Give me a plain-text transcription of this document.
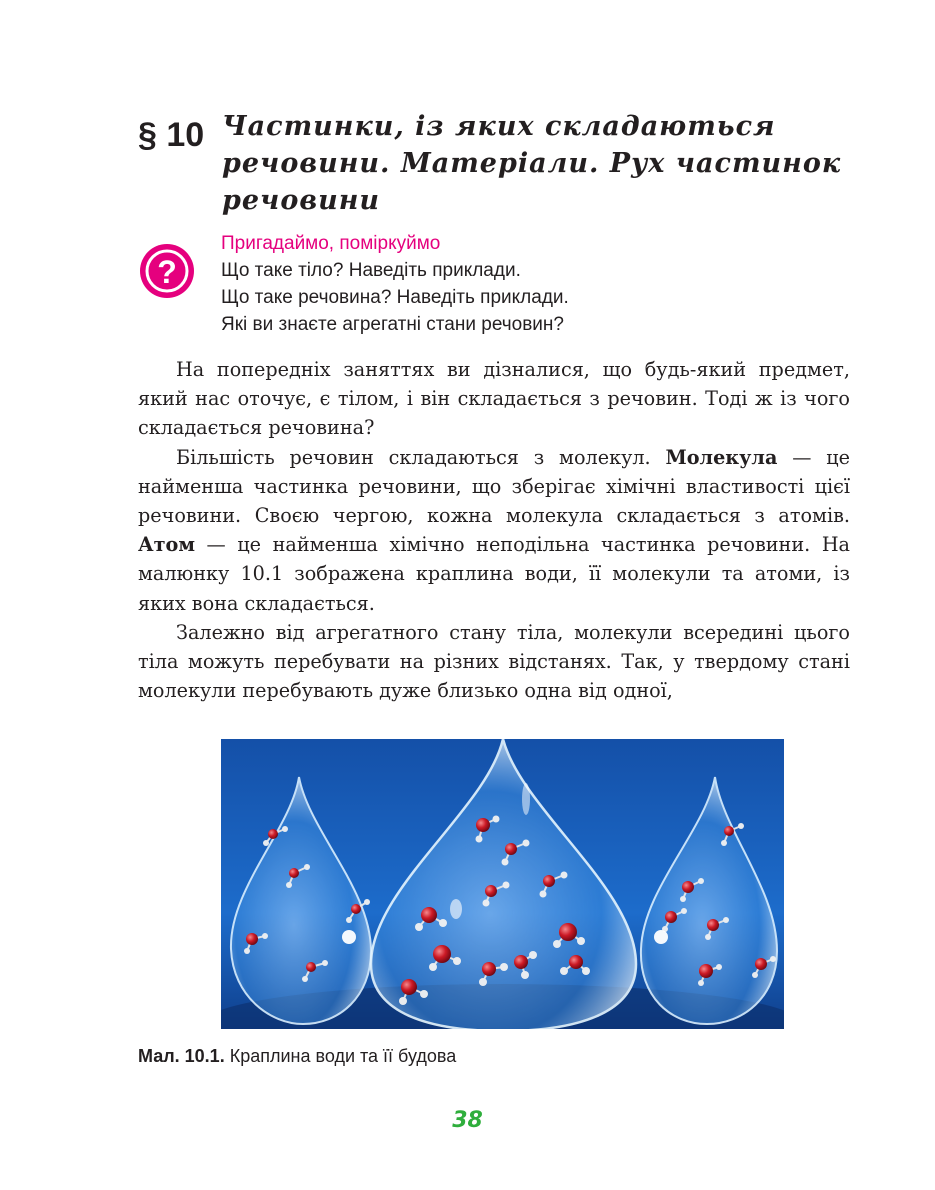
§ 10 Частинки, із яких складаються
речовини. Матеріали. Рух частинок
речовини
?
Пригадаймо, поміркуймо
Що таке тіло? Наведіть приклади.
Що таке речовина? Наведіть приклади.
Які ви знаєте агрегатні стани речовин?

На попередніх заняттях ви дізналися, що будь-який предмет, який нас оточує, є тілом, і він складається з речовин. Тоді ж із чого складається речовина?

Більшість речовин складаються з молекул. Молекула — це найменша частинка речовини, що зберігає хімічні властивості цієї речовини. Своєю чергою, кожна молекула складається з атомів. Атом — це найменша хімічно неподільна частинка речовини. На малюнку 10.1 зображена краплина води, її молекули та атоми, із яких вона складається.

Залежно від агрегатного стану тіла, молекули всередині цього тіла можуть перебувати на різних відстанях. Так, у твердому стані молекули перебувають дуже близько одна від одної,

Мал. 10.1. Краплина води та її будова
38
